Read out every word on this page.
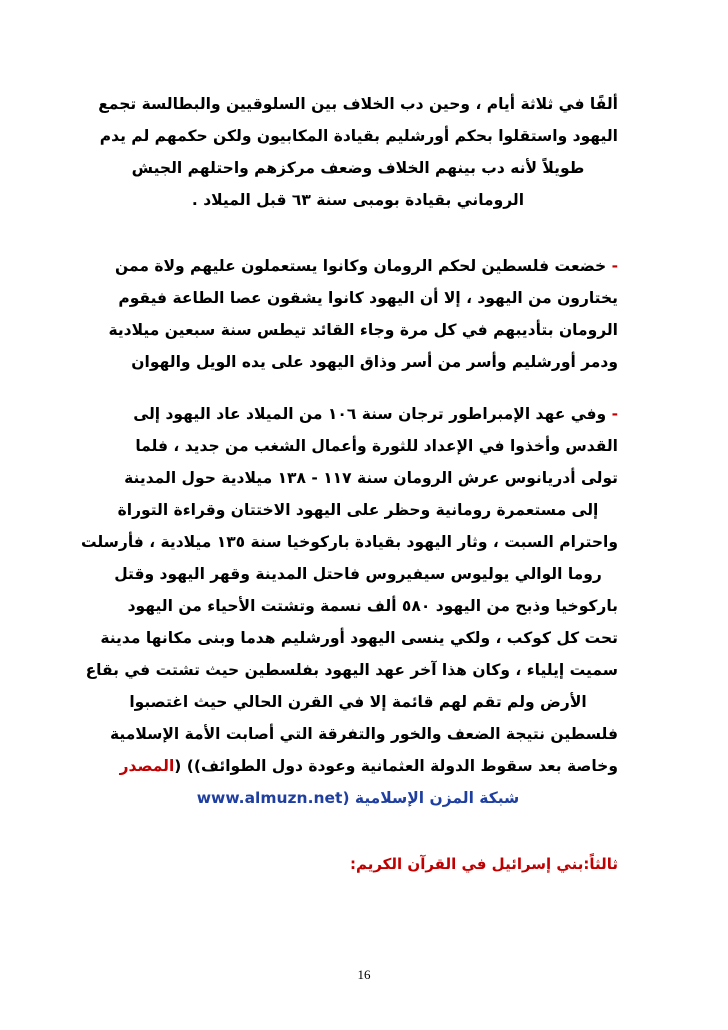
ألفًا في ثلاثة أيام ، وحين دب الخلاف بين السلوقيين والبطالسة تجمع
اليهود واستقلوا بحكم أورشليم بقيادة المكابيون ولكن حكمهم لم يدم
طويلاً لأنه دب بينهم الخلاف وضعف مركزهم واحتلهم الجيش
الروماني بقيادة بومبى سنة ٦٣ قبل الميلاد .
- خضعت فلسطين لحكم الرومان وكانوا يستعملون عليهم ولاة ممن
يختارون من اليهود ، إلا أن اليهود كانوا يشقون عصا الطاعة فيقوم
الرومان بتأديبهم في كل مرة وجاء القائد تيطس سنة سبعين ميلادية
ودمر أورشليم وأسر من أسر وذاق اليهود على يده الويل والهوان
- وفي عهد الإمبراطور ترجان سنة ١٠٦ من الميلاد عاد اليهود إلى
القدس وأخذوا في الإعداد للثورة وأعمال الشغب من جديد ، فلما
تولى أدريانوس عرش الرومان سنة ١١٧ - ١٣٨ ميلادية حول المدينة
إلى مستعمرة رومانية وحظر على اليهود الاختتان وقراءة التوراة
واحترام السبت ، وثار اليهود بقيادة باركوخيا سنة ١٣٥ ميلادية ، فأرسلت
روما الوالي يوليوس سيفيروس فاحتل المدينة وقهر اليهود وقتل
باركوخيا وذبح من اليهود ٥٨٠ ألف نسمة وتشتت الأحياء من اليهود
تحت كل كوكب ، ولكي ينسى اليهود أورشليم هدما وبنى مكانها مدينة
سميت إيلياء ، وكان هذا آخر عهد اليهود بفلسطين حيث تشتت في بقاع
الأرض ولم تقم لهم قائمة إلا في القرن الحالي حيث اغتصبوا
فلسطين نتيجة الضعف والخور والتفرقة التي أصابت الأمة الإسلامية
وخاصة بعد سقوط الدولة العثمانية وعودة دول الطوائف)) (المصدر
شبكة المزن الإسلامية (www.almuzn.net
ثالثاً:بني إسرائيل في القرآن الكريم:
16
